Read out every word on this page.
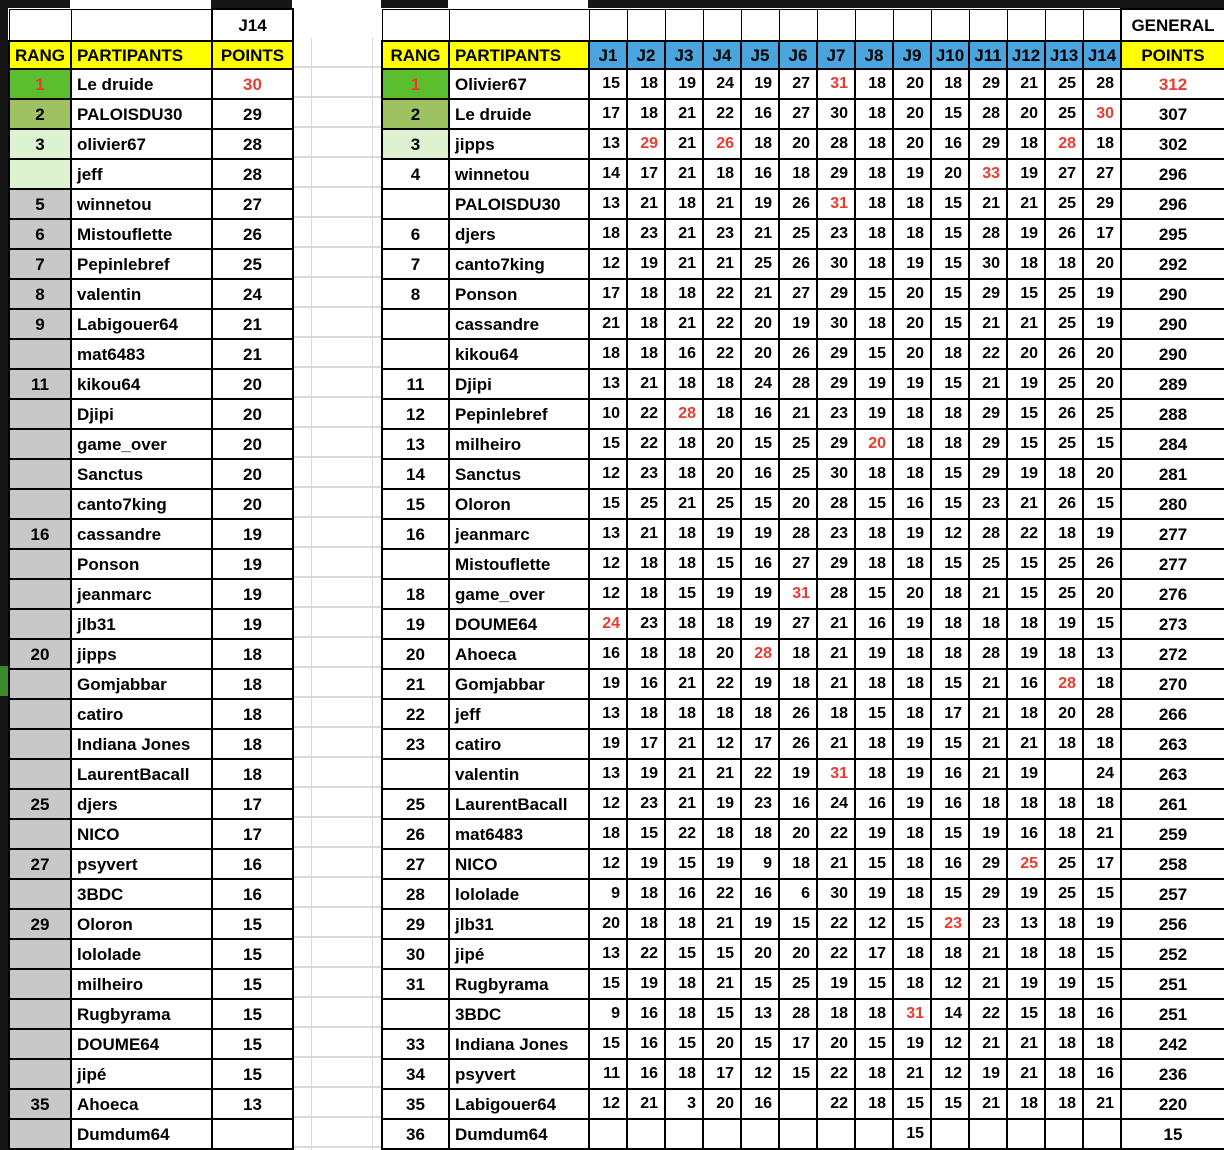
		J14
RANG	PARTIPANTS	POINTS
1	Le druide	30
2	PALOISDU30	29
3	olivier67	28
	jeff	28
5	winnetou	27
6	Mistouflette	26
7	Pepinlebref	25
8	valentin	24
9	Labigouer64	21
	mat6483	21
11	kikou64	20
	Djipi	20
	game_over	20
	Sanctus	20
	canto7king	20
16	cassandre	19
	Ponson	19
	jeanmarc	19
	jlb31	19
20	jipps	18
	Gomjabbar	18
	catiro	18
	Indiana Jones	18
	LaurentBacall	18
25	djers	17
	NICO	17
27	psyvert	16
	3BDC	16
29	Oloron	15
	lololade	15
	milheiro	15
	Rugbyrama	15
	DOUME64	15
	jipé	15
35	Ahoeca	13
	Dumdum64	
																GENERAL
RANG	PARTIPANTS	J1	J2	J3	J4	J5	J6	J7	J8	J9	J10	J11	J12	J13	J14	POINTS
1	Olivier67	15	18	19	24	19	27	31	18	20	18	29	21	25	28	312
2	Le druide	17	18	21	22	16	27	30	18	20	15	28	20	25	30	307
3	jipps	13	29	21	26	18	20	28	18	20	16	29	18	28	18	302
4	winnetou	14	17	21	18	16	18	29	18	19	20	33	19	27	27	296
	PALOISDU30	13	21	18	21	19	26	31	18	18	15	21	21	25	29	296
6	djers	18	23	21	23	21	25	23	18	18	15	28	19	26	17	295
7	canto7king	12	19	21	21	25	26	30	18	19	15	30	18	18	20	292
8	Ponson	17	18	18	22	21	27	29	15	20	15	29	15	25	19	290
	cassandre	21	18	21	22	20	19	30	18	20	15	21	21	25	19	290
	kikou64	18	18	16	22	20	26	29	15	20	18	22	20	26	20	290
11	Djipi	13	21	18	18	24	28	29	19	19	15	21	19	25	20	289
12	Pepinlebref	10	22	28	18	16	21	23	19	18	18	29	15	26	25	288
13	milheiro	15	22	18	20	15	25	29	20	18	18	29	15	25	15	284
14	Sanctus	12	23	18	20	16	25	30	18	18	15	29	19	18	20	281
15	Oloron	15	25	21	25	15	20	28	15	16	15	23	21	26	15	280
16	jeanmarc	13	21	18	19	19	28	23	18	19	12	28	22	18	19	277
	Mistouflette	12	18	18	15	16	27	29	18	18	15	25	15	25	26	277
18	game_over	12	18	15	19	19	31	28	15	20	18	21	15	25	20	276
19	DOUME64	24	23	18	18	19	27	21	16	19	18	18	18	19	15	273
20	Ahoeca	16	18	18	20	28	18	21	19	18	18	28	19	18	13	272
21	Gomjabbar	19	16	21	22	19	18	21	18	18	15	21	16	28	18	270
22	jeff	13	18	18	18	18	26	18	15	18	17	21	18	20	28	266
23	catiro	19	17	21	12	17	26	21	18	19	15	21	21	18	18	263
	valentin	13	19	21	21	22	19	31	18	19	16	21	19		24	263
25	LaurentBacall	12	23	21	19	23	16	24	16	19	16	18	18	18	18	261
26	mat6483	18	15	22	18	18	20	22	19	18	15	19	16	18	21	259
27	NICO	12	19	15	19	9	18	21	15	18	16	29	25	25	17	258
28	lololade	9	18	16	22	16	6	30	19	18	15	29	19	25	15	257
29	jlb31	20	18	18	21	19	15	22	12	15	23	23	13	18	19	256
30	jipé	13	22	15	15	20	20	22	17	18	18	21	18	18	15	252
31	Rugbyrama	15	19	18	21	15	25	19	15	18	12	21	19	19	15	251
	3BDC	9	16	18	15	13	28	18	18	31	14	22	15	18	16	251
33	Indiana Jones	15	16	15	20	15	17	20	15	19	12	21	21	18	18	242
34	psyvert	11	16	18	17	12	15	22	18	21	12	19	21	18	16	236
35	Labigouer64	12	21	3	20	16		22	18	15	15	21	18	18	21	220
36	Dumdum64									15						15
